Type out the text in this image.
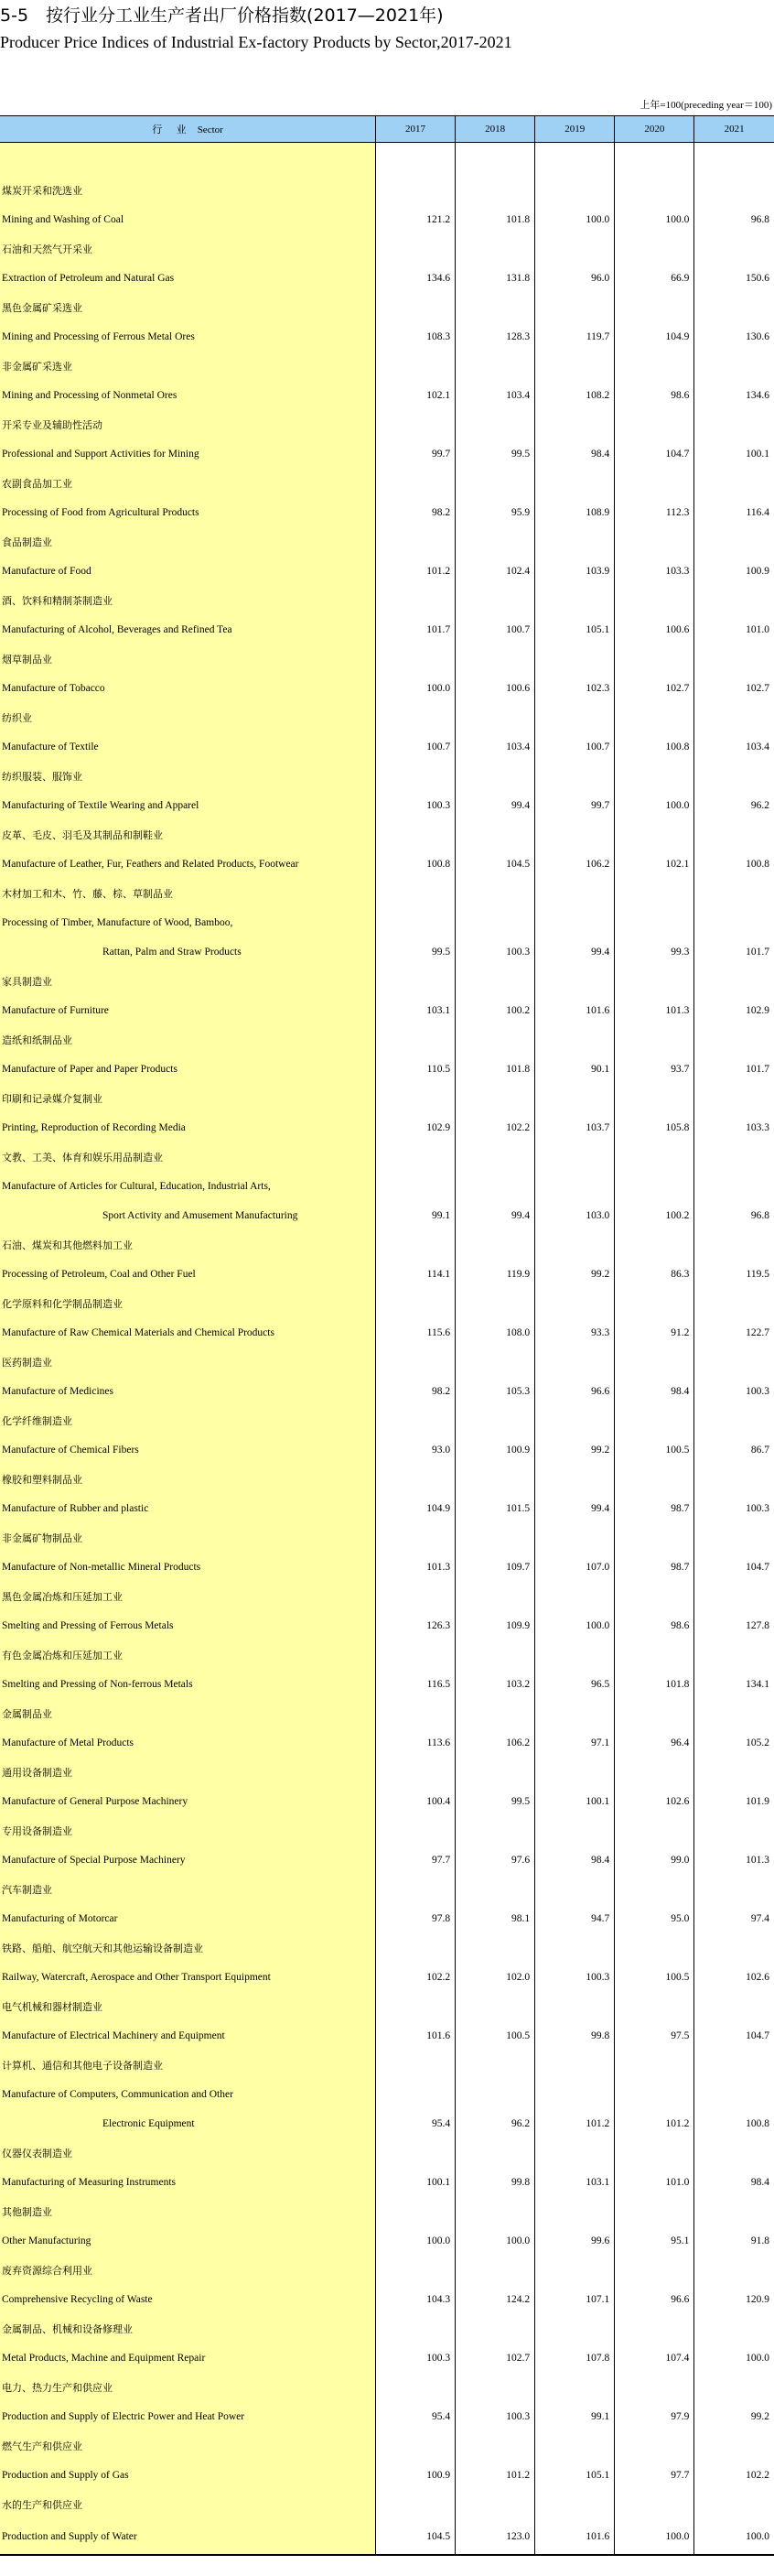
5-5　按行业分工业生产者出厂价格指数(2017—2021年)
Producer Price Indices of Industrial Ex-factory Products by Sector,2017-2021
上年=100(preceding year＝100)
行 业 Sector	2017	2018	2019	2020	2021

煤炭开采和洗选业					
Mining and Washing of Coal	121.2	101.8	100.0	100.0	96.8
石油和天然气开采业					
Extraction of Petroleum and Natural Gas	134.6	131.8	96.0	66.9	150.6
黑色金属矿采选业					
Mining and Processing of Ferrous Metal Ores	108.3	128.3	119.7	104.9	130.6
非金属矿采选业					
Mining and Processing of Nonmetal Ores	102.1	103.4	108.2	98.6	134.6
开采专业及辅助性活动					
Professional and Support Activities for Mining	99.7	99.5	98.4	104.7	100.1
农副食品加工业					
Processing of Food from Agricultural Products	98.2	95.9	108.9	112.3	116.4
食品制造业					
Manufacture of Food	101.2	102.4	103.9	103.3	100.9
酒、饮料和精制茶制造业					
Manufacturing of Alcohol, Beverages and Refined Tea	101.7	100.7	105.1	100.6	101.0
烟草制品业					
Manufacture of Tobacco	100.0	100.6	102.3	102.7	102.7
纺织业					
Manufacture of Textile	100.7	103.4	100.7	100.8	103.4
纺织服装、服饰业					
Manufacturing of Textile Wearing and Apparel	100.3	99.4	99.7	100.0	96.2
皮革、毛皮、羽毛及其制品和制鞋业					
Manufacture of Leather, Fur, Feathers and Related Products, Footwear	100.8	104.5	106.2	102.1	100.8
木材加工和木、竹、藤、棕、草制品业					
Processing of Timber, Manufacture of Wood, Bamboo,					
Rattan, Palm and Straw Products	99.5	100.3	99.4	99.3	101.7
家具制造业					
Manufacture of Furniture	103.1	100.2	101.6	101.3	102.9
造纸和纸制品业					
Manufacture of Paper and Paper Products	110.5	101.8	90.1	93.7	101.7
印刷和记录媒介复制业					
Printing, Reproduction of Recording Media	102.9	102.2	103.7	105.8	103.3
文教、工美、体育和娱乐用品制造业					
Manufacture of Articles for Cultural, Education, Industrial Arts,					
Sport Activity and Amusement Manufacturing	99.1	99.4	103.0	100.2	96.8
石油、煤炭和其他燃料加工业					
Processing of Petroleum, Coal and Other Fuel	114.1	119.9	99.2	86.3	119.5
化学原料和化学制品制造业					
Manufacture of Raw Chemical Materials and Chemical Products	115.6	108.0	93.3	91.2	122.7
医药制造业					
Manufacture of Medicines	98.2	105.3	96.6	98.4	100.3
化学纤维制造业					
Manufacture of Chemical Fibers	93.0	100.9	99.2	100.5	86.7
橡胶和塑料制品业					
Manufacture of Rubber and plastic	104.9	101.5	99.4	98.7	100.3
非金属矿物制品业					
Manufacture of Non-metallic Mineral Products	101.3	109.7	107.0	98.7	104.7
黑色金属冶炼和压延加工业					
Smelting and Pressing of Ferrous Metals	126.3	109.9	100.0	98.6	127.8
有色金属冶炼和压延加工业					
Smelting and Pressing of Non-ferrous Metals	116.5	103.2	96.5	101.8	134.1
金属制品业					
Manufacture of Metal Products	113.6	106.2	97.1	96.4	105.2
通用设备制造业					
Manufacture of General Purpose Machinery	100.4	99.5	100.1	102.6	101.9
专用设备制造业					
Manufacture of Special Purpose Machinery	97.7	97.6	98.4	99.0	101.3
汽车制造业					
Manufacturing of Motorcar	97.8	98.1	94.7	95.0	97.4
铁路、船舶、航空航天和其他运输设备制造业					
Railway, Watercraft, Aerospace and Other Transport Equipment	102.2	102.0	100.3	100.5	102.6
电气机械和器材制造业					
Manufacture of Electrical Machinery and Equipment	101.6	100.5	99.8	97.5	104.7
计算机、通信和其他电子设备制造业					
Manufacture of Computers, Communication and Other					
Electronic Equipment	95.4	96.2	101.2	101.2	100.8
仪器仪表制造业					
Manufacturing of Measuring Instruments	100.1	99.8	103.1	101.0	98.4
其他制造业					
Other Manufacturing	100.0	100.0	99.6	95.1	91.8
废弃资源综合利用业					
Comprehensive Recycling of Waste	104.3	124.2	107.1	96.6	120.9
金属制品、机械和设备修理业					
Metal Products, Machine and Equipment Repair	100.3	102.7	107.8	107.4	100.0
电力、热力生产和供应业					
Production and Supply of Electric Power and Heat Power	95.4	100.3	99.1	97.9	99.2
燃气生产和供应业					
Production and Supply of Gas	100.9	101.2	105.1	97.7	102.2
水的生产和供应业					
Production and Supply of Water	104.5	123.0	101.6	100.0	100.0
